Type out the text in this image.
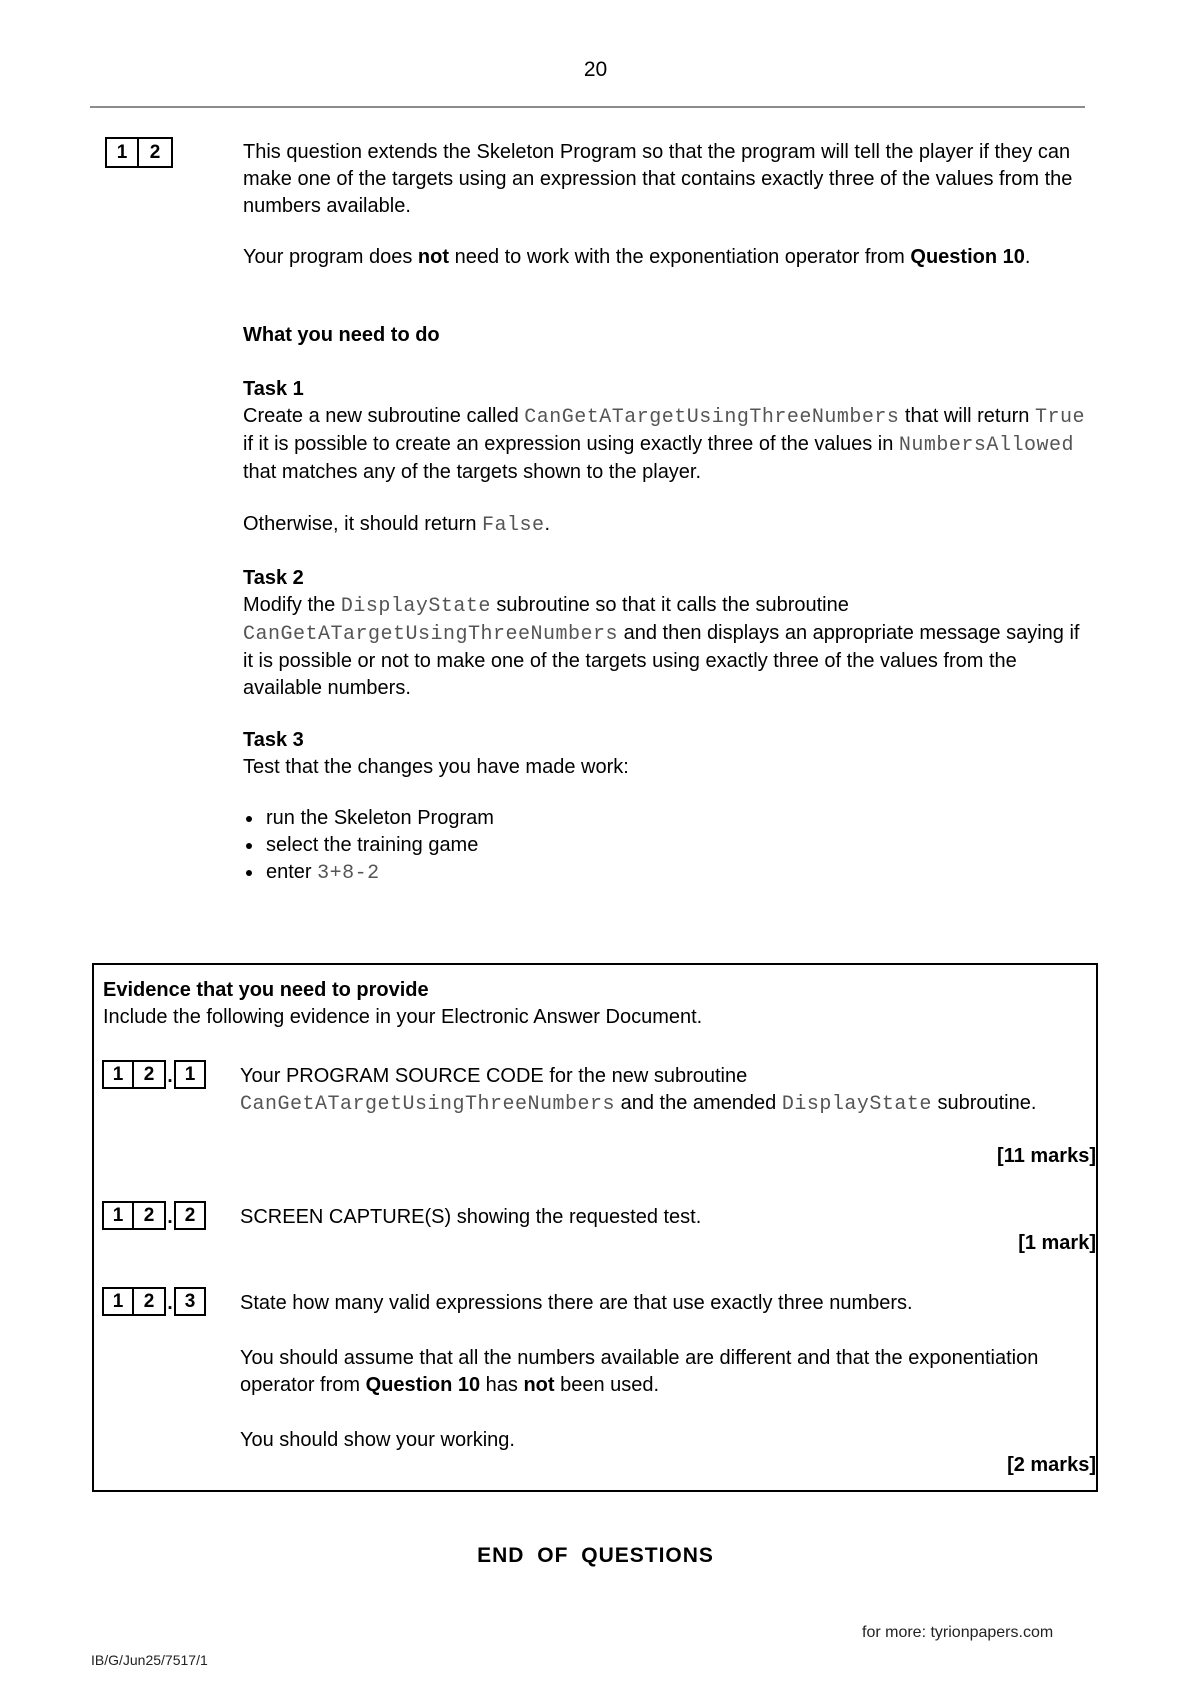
20
1	2	This question extends the Skeleton Program so that the program will tell the player if they can make one of the targets using an expression that contains exactly three of the values from the numbers available.

Your program does not need to work with the exponentiation operator from Question 10.

What you need to do
Task 1

Create a new subroutine called CanGetATargetUsingThreeNumbers that will return True if it is possible to create an expression using exactly three of the values in NumbersAllowed that matches any of the targets shown to the player.

Otherwise, it should return False.
Task 2

Modify the DisplayState subroutine so that it calls the subroutine CanGetATargetUsingThreeNumbers and then displays an appropriate message saying if it is possible or not to make one of the targets using exactly three of the values from the available numbers.

Task 3
Test that the changes you have made work:
run the Skeleton Program
select the training game
enter 3+8-2
Evidence that you need to provide
Include the following evidence in your Electronic Answer Document.
1	2 . 1	Your PROGRAM SOURCE CODE for the new subroutine CanGetATargetUsingThreeNumbers and the amended DisplayState subroutine.
[11 marks]
1	2 . 2	SCREEN CAPTURE(S) showing the requested test.
[1 mark]
1	2 . 3	State how many valid expressions there are that use exactly three numbers.
You should assume that all the numbers available are different and that the exponentiation operator from Question 10 has not been used.
You should show your working.
[2 marks]
END OF QUESTIONS
for more: tyrionpapers.com
IB/G/Jun25/7517/1
